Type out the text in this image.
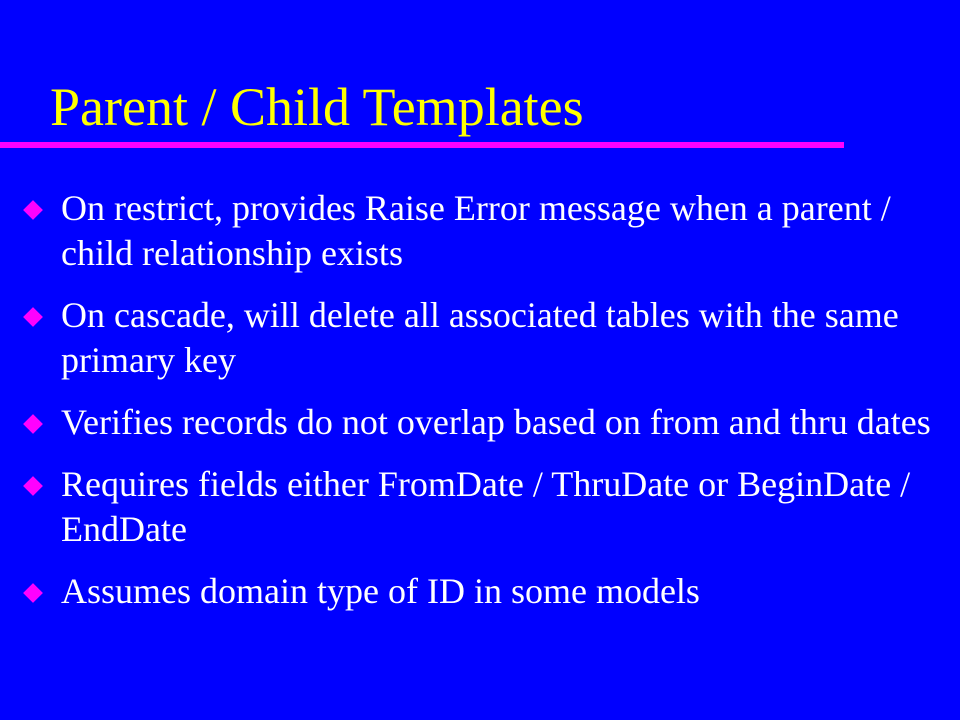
Parent / Child Templates
On restrict, provides Raise Error message when a parent / child relationship exists
On cascade, will delete all associated tables with the same primary key
Verifies records do not overlap based on from and thru dates
Requires fields either FromDate / ThruDate or BeginDate / EndDate
Assumes domain type of ID in some models
